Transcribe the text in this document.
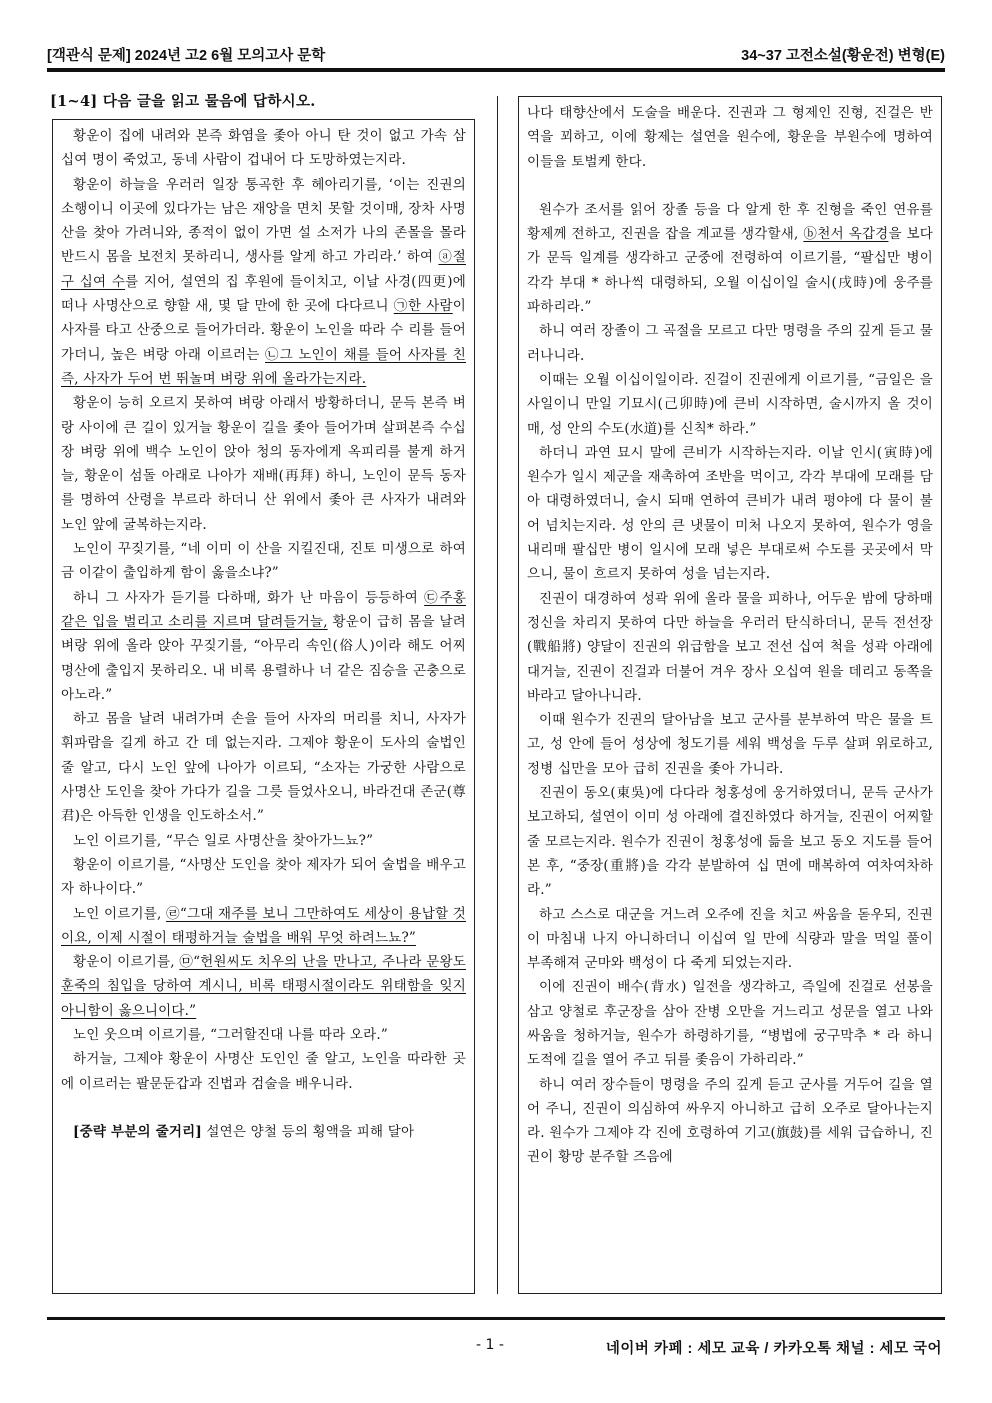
[객관식 문제] 2024년 고2 6월 모의고사 문학	34~37 고전소설(황운전) 변형(E)
[1~4] 다음 글을 읽고 물음에 답하시오.

황운이 집에 내려와 본즉 화염을 좇아 아니 탄 것이 없고 가속 삼십여 명이 죽었고, 동네 사람이 겁내어 다 도망하였는지라.

황운이 하늘을 우러러 일장 통곡한 후 헤아리기를, ‘이는 진권의 소행이니 이곳에 있다가는 남은 재앙을 면치 못할 것이매, 장차 사명산을 찾아 가려니와, 종적이 없이 가면 설 소저가 나의 존몰을 몰라 반드시 몸을 보전치 못하리니, 생사를 알게 하고 가리라.’ 하여 ⓐ절구 십여 수를 지어, 설연의 집 후원에 들이치고, 이날 사경(四更)에 떠나 사명산으로 향할 새, 몇 달 만에 한 곳에 다다르니 ㉠한 사람이 사자를 타고 산중으로 들어가더라. 황운이 노인을 따라 수 리를 들어가더니, 높은 벼랑 아래 이르러는 ㉡그 노인이 채를 들어 사자를 친즉, 사자가 두어 번 뛰놀며 벼랑 위에 올라가는지라.

황운이 능히 오르지 못하여 벼랑 아래서 방황하더니, 문득 본즉 벼랑 사이에 큰 길이 있거늘 황운이 길을 좇아 들어가며 살펴본즉 수십 장 벼랑 위에 백수 노인이 앉아 청의 동자에게 옥피리를 불게 하거늘, 황운이 섬돌 아래로 나아가 재배(再拜) 하니, 노인이 문득 동자를 명하여 산령을 부르라 하더니 산 위에서 좇아 큰 사자가 내려와 노인 앞에 굴복하는지라.

노인이 꾸짖기를, “네 이미 이 산을 지킬진대, 진토 미생으로 하여금 이같이 출입하게 함이 옳을소냐?”

하니 그 사자가 듣기를 다하매, 화가 난 마음이 등등하여 ㉢주홍 같은 입을 벌리고 소리를 지르며 달려들거늘, 황운이 급히 몸을 날려 벼랑 위에 올라 앉아 꾸짖기를, “아무리 속인(俗人)이라 해도 어찌 명산에 출입지 못하리오. 내 비록 용렬하나 너 같은 짐승을 곤충으로 아노라.”

하고 몸을 날려 내려가며 손을 들어 사자의 머리를 치니, 사자가 휘파람을 길게 하고 간 데 없는지라. 그제야 황운이 도사의 술법인 줄 알고, 다시 노인 앞에 나아가 이르되, “소자는 가궁한 사람으로 사명산 도인을 찾아 가다가 길을 그릇 들었사오니, 바라건대 존군(尊君)은 아득한 인생을 인도하소서.”

노인 이르기를, “무슨 일로 사명산을 찾아가느뇨?”

황운이 이르기를, “사명산 도인을 찾아 제자가 되어 술법을 배우고자 하나이다.”

노인 이르기를, ㉣“그대 재주를 보니 그만하여도 세상이 용납할 것이요, 이제 시절이 태평하거늘 술법을 배워 무엇 하려느뇨?”

황운이 이르기를, ㉤“헌원씨도 치우의 난을 만나고, 주나라 문왕도 훈죽의 침입을 당하여 계시니, 비록 태평시절이라도 위태함을 잊지 아니함이 옳으니이다.”

노인 웃으며 이르기를, “그러할진대 나를 따라 오라.”

하거늘, 그제야 황운이 사명산 도인인 줄 알고, 노인을 따라한 곳에 이르러는 팔문둔갑과 진법과 검술을 배우니라.

[중략 부분의 줄거리] 설연은 양철 등의 횡액을 피해 달아

나다 태향산에서 도술을 배운다. 진권과 그 형제인 진형, 진걸은 반역을 꾀하고, 이에 황제는 설연을 원수에, 황운을 부원수에 명하여 이들을 토벌케 한다.

원수가 조서를 읽어 장졸 등을 다 알게 한 후 진형을 죽인 연유를 황제께 전하고, 진권을 잡을 계교를 생각할새, ⓑ천서 옥갑경을 보다가 문득 일계를 생각하고 군중에 전령하여 이르기를, “팔십만 병이 각각 부대 * 하나씩 대령하되, 오월 이십이일 술시(戌時)에 웅주를 파하리라.”

하니 여러 장졸이 그 곡절을 모르고 다만 명령을 주의 깊게 듣고 물러나니라.

이때는 오월 이십이일이라. 진걸이 진권에게 이르기를, “금일은 을사일이니 만일 기묘시(己卯時)에 큰비 시작하면, 술시까지 올 것이매, 성 안의 수도(水道)를 신칙* 하라.”

하더니 과연 묘시 말에 큰비가 시작하는지라. 이날 인시(寅時)에 원수가 일시 제군을 재촉하여 조반을 먹이고, 각각 부대에 모래를 담아 대령하였더니, 술시 되매 연하여 큰비가 내려 평야에 다 물이 불어 넘치는지라. 성 안의 큰 냇물이 미처 나오지 못하여, 원수가 영을 내리매 팔십만 병이 일시에 모래 넣은 부대로써 수도를 곳곳에서 막으니, 물이 흐르지 못하여 성을 넘는지라.

진권이 대경하여 성곽 위에 올라 물을 피하나, 어두운 밤에 당하매 정신을 차리지 못하여 다만 하늘을 우러러 탄식하더니, 문득 전선장(戰船將) 양달이 진권의 위급함을 보고 전선 십여 척을 성곽 아래에 대거늘, 진권이 진걸과 더불어 겨우 장사 오십여 원을 데리고 동쪽을 바라고 달아나니라.

이때 원수가 진권의 달아남을 보고 군사를 분부하여 막은 물을 트고, 성 안에 들어 성상에 청도기를 세워 백성을 두루 살펴 위로하고, 정병 십만을 모아 급히 진권을 좇아 가니라.

진권이 동오(東吳)에 다다라 청홍성에 웅거하였더니, 문득 군사가 보고하되, 설연이 이미 성 아래에 결진하였다 하거늘, 진권이 어찌할 줄 모르는지라. 원수가 진권이 청홍성에 듦을 보고 동오 지도를 들어본 후, “중장(重將)을 각각 분발하여 십 면에 매복하여 여차여차하라.”

하고 스스로 대군을 거느려 오주에 진을 치고 싸움을 돋우되, 진권이 마침내 나지 아니하더니 이십여 일 만에 식량과 말을 먹일 풀이 부족해져 군마와 백성이 다 죽게 되었는지라.

이에 진권이 배수(背水) 일전을 생각하고, 즉일에 진걸로 선봉을 삼고 양철로 후군장을 삼아 잔병 오만을 거느리고 성문을 열고 나와 싸움을 청하거늘, 원수가 하령하기를, “병법에 궁구막추 * 라 하니 도적에 길을 열어 주고 뒤를 좇음이 가하리라.”

하니 여러 장수들이 명령을 주의 깊게 듣고 군사를 거두어 길을 열어 주니, 진권이 의심하여 싸우지 아니하고 급히 오주로 달아나는지라. 원수가 그제야 각 진에 호령하여 기고(旗鼓)를 세워 급습하니, 진권이 황망 분주할 즈음에

- 1 -	네이버 카페 : 세모 교육 / 카카오톡 채널 : 세모 국어
